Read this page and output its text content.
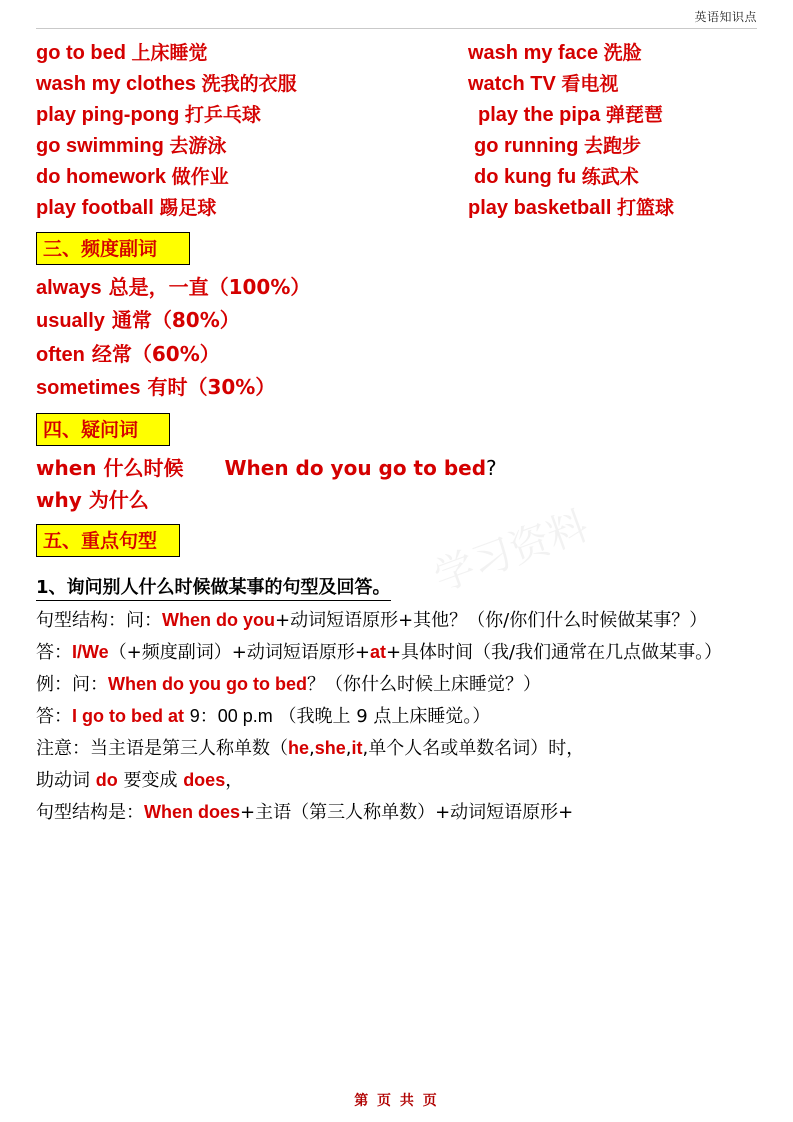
英语知识点
学习资料
go to bed 上床睡觉
wash my clothes 洗我的衣服
play ping-pong 打乒乓球
go swimming 去游泳
do homework 做作业
play football 踢足球
wash my face 洗脸
watch TV 看电视
play the pipa 弹琵琶
go running 去跑步
do kung fu 练武术
play basketball 打篮球
三、频度副词
always 总是，一直（100%）
usually 通常（80%）
often 经常（60%）
sometimes 有时（30%）
四、疑问词
when 什么时候 When do you go to bed?
why 为什么
五、重点句型
1、询问别人什么时候做某事的句型及回答。

句型结构：问：When do you+动词短语原形+其他？（你/你们什么时候做某事？）

答：I/We（+频度副词）+动词短语原形+at+具体时间（我/我们通常在几点做某事。）

例：问：When do you go to bed？（你什么时候上床睡觉？）

答：I go to bed at 9：00 p.m （我晚上 9 点上床睡觉。）

注意：当主语是第三人称单数（he,she,it,单个人名或单数名词）时，

助动词 do 要变成 does，

句型结构是：When does+主语（第三人称单数）+动词短语原形+

第 页 共 页
